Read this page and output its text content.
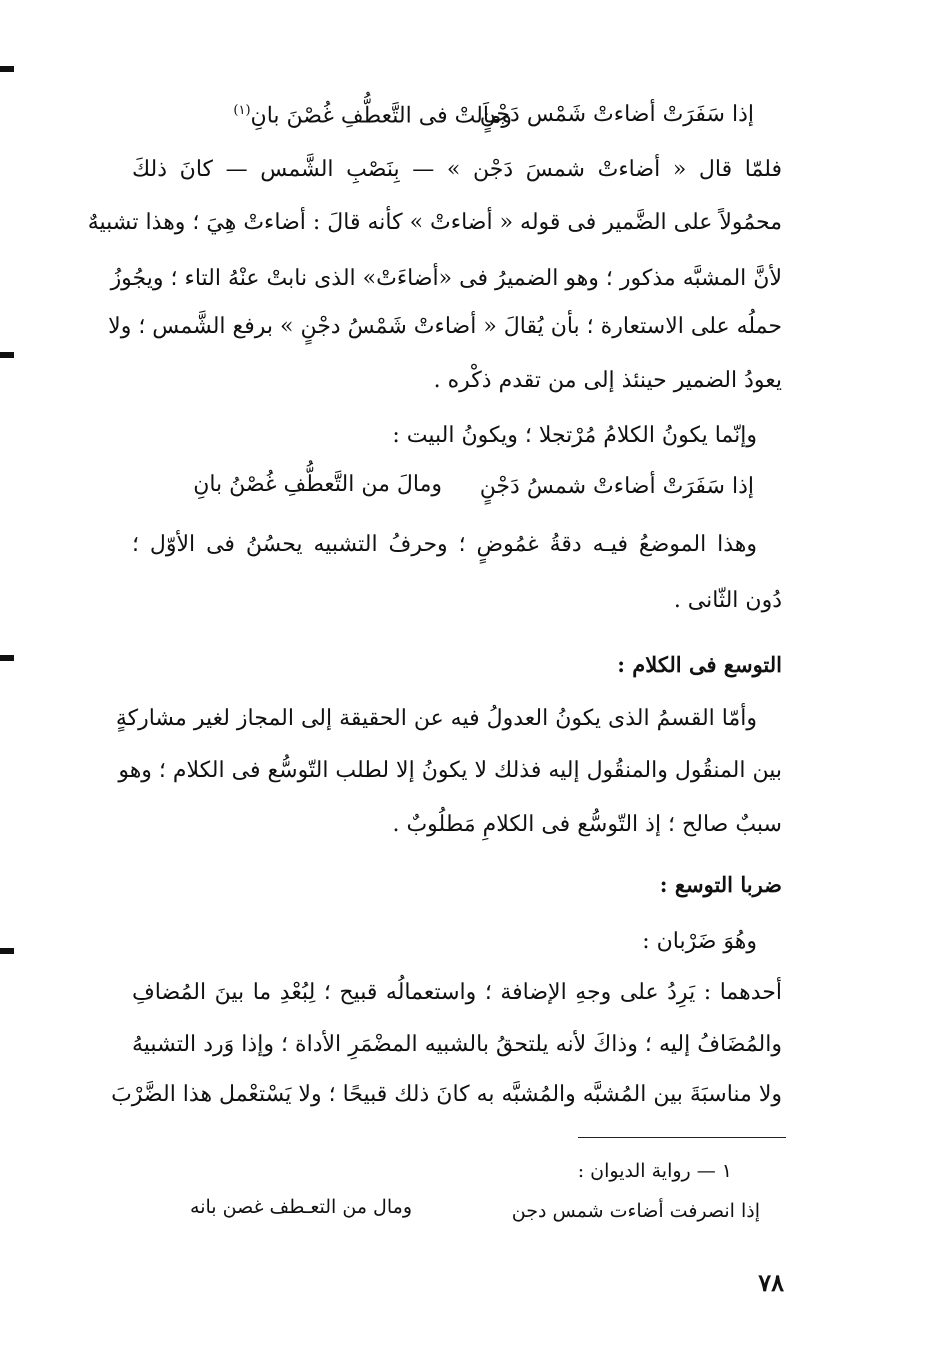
إذا سَفَرَتْ أضاءتْ شَمْس دَجْنٍ
وماَلتْ فى التَّعطُّفِ غُصْنَ بانِ$^{(١)}$
فلمّا قال « أضاءتْ شمسَ دَجْن » — بِنَصْبِ الشَّمس — كانَ ذلكَ
محمُولاً على الضَّمير فى قوله « أضاءتْ » كأنه قالَ : أضاءتْ هِيَ ؛ وهذا تشبيهٌ
لأنَّ المشبَّه مذكور ؛ وهو الضميرُ فى «أضاءَتْ» الذى نابتْ عنْهُ التاء ؛ ويجُوزُ
حملُه على الاستعارة ؛ بأن يُقالَ « أضاءتْ شَمْسُ دجْنٍ » برفع الشَّمس ؛ ولا
يعودُ الضمير حينئذ إلى من تقدم ذكْره .
وإنّما يكونُ الكلامُ مُرْتجلا ؛ ويكونُ البيت :
إذا سَفَرَتْ أضاءتْ شمسُ دَجْنٍ
ومالَ من التَّعطُّفِ غُصْنُ بانِ
وهذا الموضعُ فيـه دقةُ غمُوضٍ ؛ وحرفُ التشبيه يحسُنُ فى الأوّل ؛
دُون الثّانى .
التوسع فى الكلام :
وأمّا القسمُ الذى يكونُ العدولُ فيه عن الحقيقة إلى المجاز لغير مشاركةٍ
بين المنقُول والمنقُول إليه فذلك لا يكونُ إلا لطلب التّوسُّع فى الكلام ؛ وهو
سببٌ صالح ؛ إذ التّوسُّع فى الكلامِ مَطلُوبٌ .
ضربا التوسع :
وهُوَ ضَرْبان :
أحدهما : يَرِدُ على وجهِ الإضافة ؛ واستعمالُه قبيح ؛ لِبُعْدِ ما بينَ المُضافِ
والمُضَافُ إليه ؛ وذاكَ لأنه يلتحقُ بالشبيه المضْمَرِ الأداة ؛ وإذا وَرد التشبيهُ
ولا مناسبَةَ بين المُشبَّه والمُشبَّه به كانَ ذلك قبيحًا ؛ ولا يَسْتعْمل هذا الضَّرْبَ
١ — رواية الديوان :
إذا انصرفت أضاءت شمس دجن
ومال من التعـطف غصن بانه
٧٨
